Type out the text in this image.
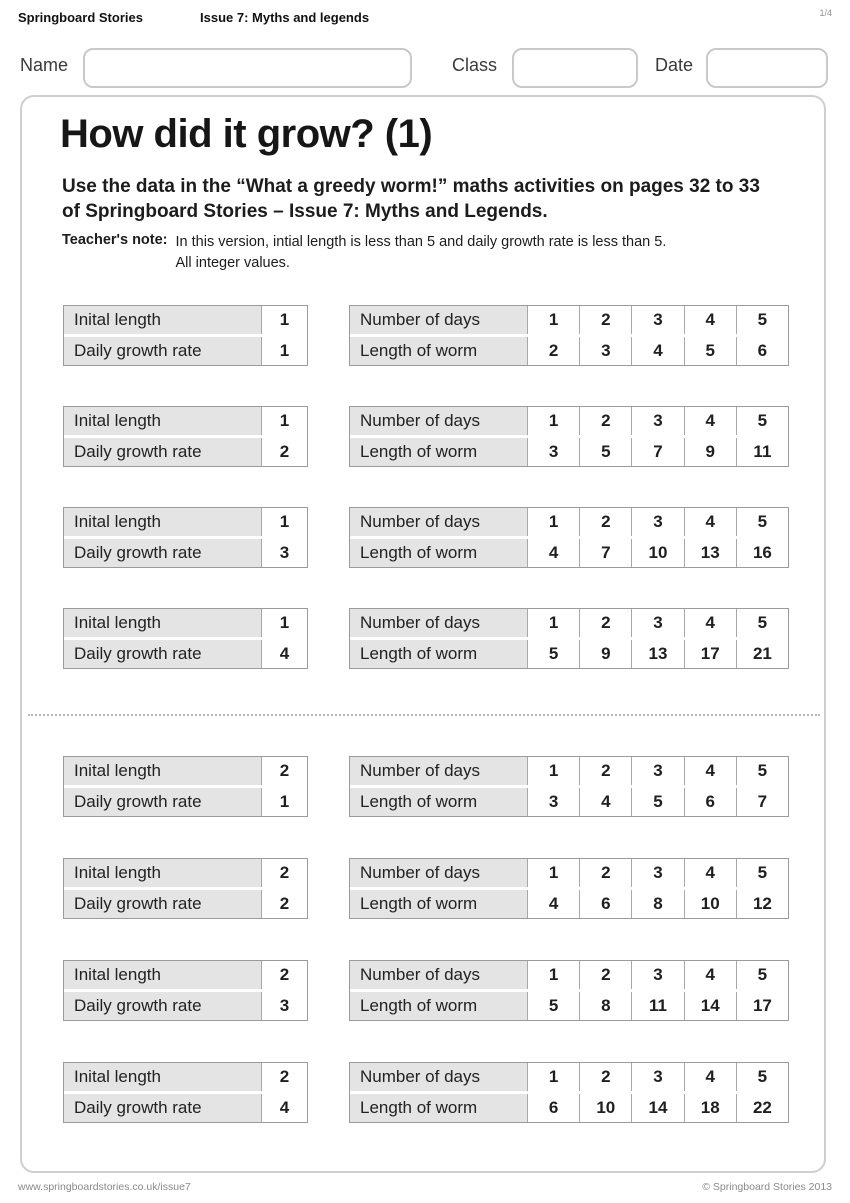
Springboard Stories	Issue 7: Myths and legends	1/4
Name	Class	Date
How did it grow? (1)
Use the data in the “What a greedy worm!” maths activities on pages 32 to 33
of Springboard Stories – Issue 7: Myths and Legends.
Teacher's note: In this version, intial length is less than 5 and daily growth rate is less than 5.
All integer values.
Inital length	1
Daily growth rate	1
Number of days	1	2	3	4	5
Length of worm	2	3	4	5	6
Inital length	1
Daily growth rate	2
Number of days	1	2	3	4	5
Length of worm	3	5	7	9	11
Inital length	1
Daily growth rate	3
Number of days	1	2	3	4	5
Length of worm	4	7	10	13	16
Inital length	1
Daily growth rate	4
Number of days	1	2	3	4	5
Length of worm	5	9	13	17	21
Inital length	2
Daily growth rate	1
Number of days	1	2	3	4	5
Length of worm	3	4	5	6	7
Inital length	2
Daily growth rate	2
Number of days	1	2	3	4	5
Length of worm	4	6	8	10	12
Inital length	2
Daily growth rate	3
Number of days	1	2	3	4	5
Length of worm	5	8	11	14	17
Inital length	2
Daily growth rate	4
Number of days	1	2	3	4	5
Length of worm	6	10	14	18	22
www.springboardstories.co.uk/issue7	© Springboard Stories 2013
